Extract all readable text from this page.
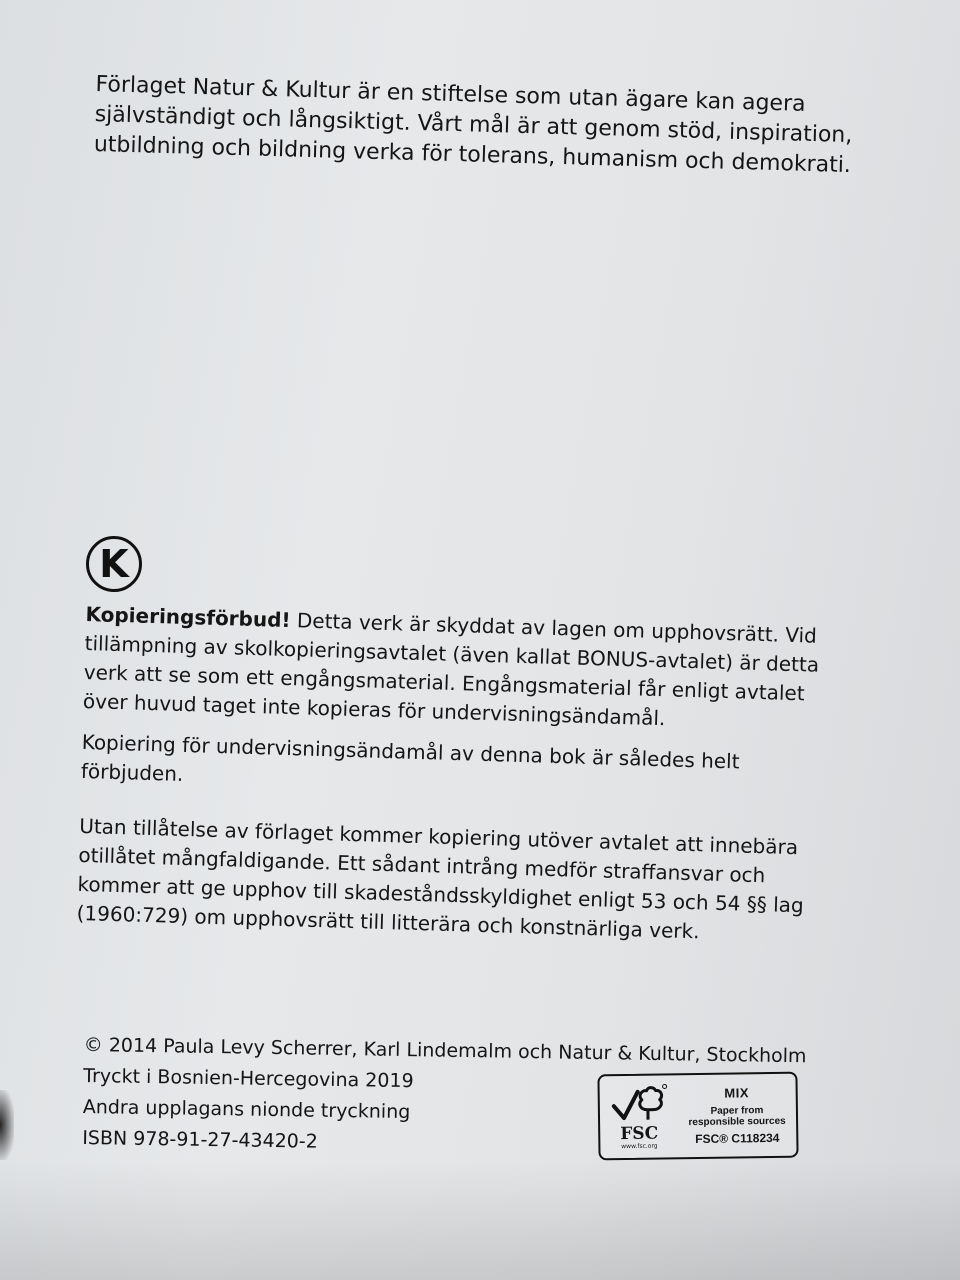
Förlaget Natur & Kultur är en stiftelse som utan ägare kan agera självständigt och långsiktigt. Vårt mål är att genom stöd, inspiration, utbildning och bildning verka för tolerans, humanism och demokrati.

K

Kopieringsförbud! Detta verk är skyddat av lagen om upphovsrätt. Vid tillämpning av skolkopieringsavtalet (även kallat BONUS-avtalet) är detta verk att se som ett engångsmaterial. Engångsmaterial får enligt avtalet över huvud taget inte kopieras för undervisningsändamål.

Kopiering för undervisningsändamål av denna bok är således helt förbjuden.

Utan tillåtelse av förlaget kommer kopiering utöver avtalet att innebära otillåtet mångfaldigande. Ett sådant intrång medför straffansvar och kommer att ge upphov till skadeståndsskyldighet enligt 53 och 54 §§ lag (1960:729) om upphovsrätt till litterära och konstnärliga verk.

© 2014 Paula Levy Scherrer, Karl Lindemalm och Natur & Kultur, Stockholm
Tryckt i Bosnien-Hercegovina 2019
Andra upplagans nionde tryckning
ISBN 978-91-27-43420-2	FSC
www.fsc.org
MIX
Paper from
responsible sources
FSC® C118234
